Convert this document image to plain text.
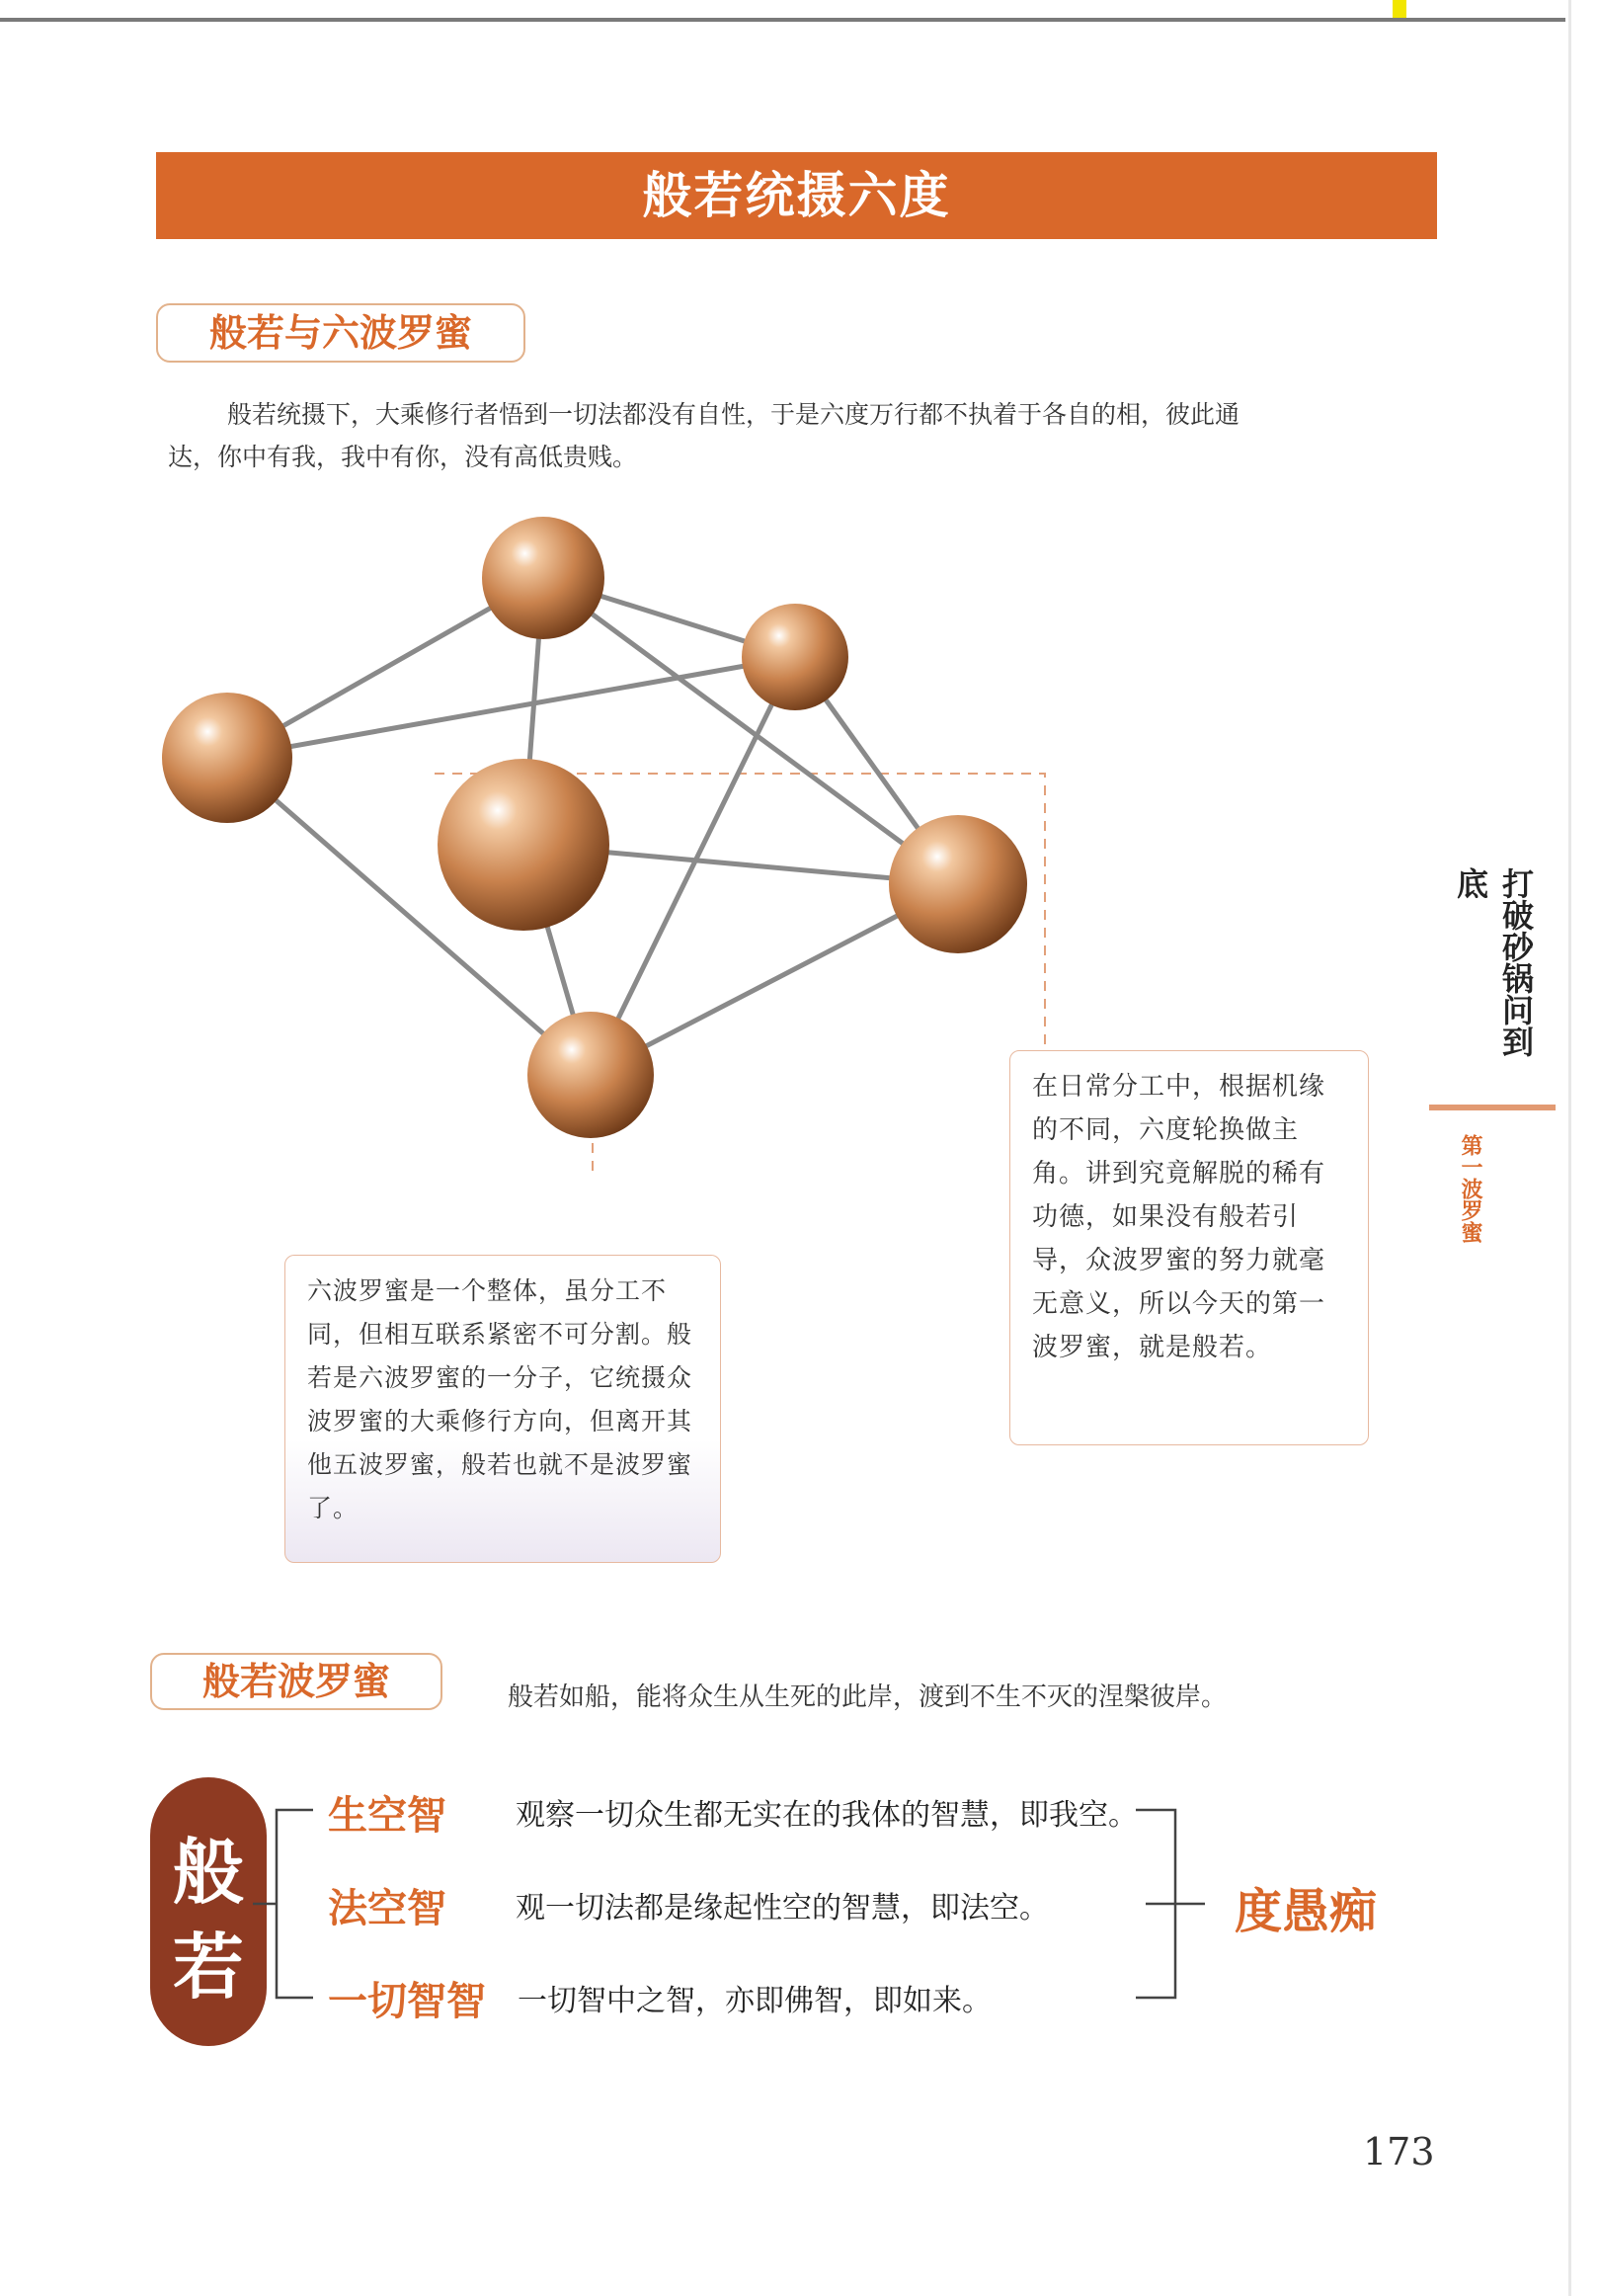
般若统摄六度
般若与六波罗蜜
般若统摄下，大乘修行者悟到一切法都没有自性，于是六度万行都不执着于各自的相，彼此通
达，你中有我，我中有你，没有高低贵贱。
在日常分工中，根据机缘的不同，六度轮换做主角。讲到究竟解脱的稀有功德，如果没有般若引导，众波罗蜜的努力就毫无意义，所以今天的第一波罗蜜，就是般若。
六波罗蜜是一个整体，虽分工不同，但相互联系紧密不可分割。般若是六波罗蜜的一分子，它统摄众波罗蜜的大乘修行方向，但离开其他五波罗蜜，般若也就不是波罗蜜了。
打破砂锅问到底
第一波罗蜜
般若波罗蜜	般若如船，能将众生从生死的此岸，渡到不生不灭的涅槃彼岸。
般
若
生空智 观察一切众生都无实在的我体的智慧，即我空。
法空智 观一切法都是缘起性空的智慧，即法空。
一切智智 一切智中之智，亦即佛智，即如来。
度愚痴
173
